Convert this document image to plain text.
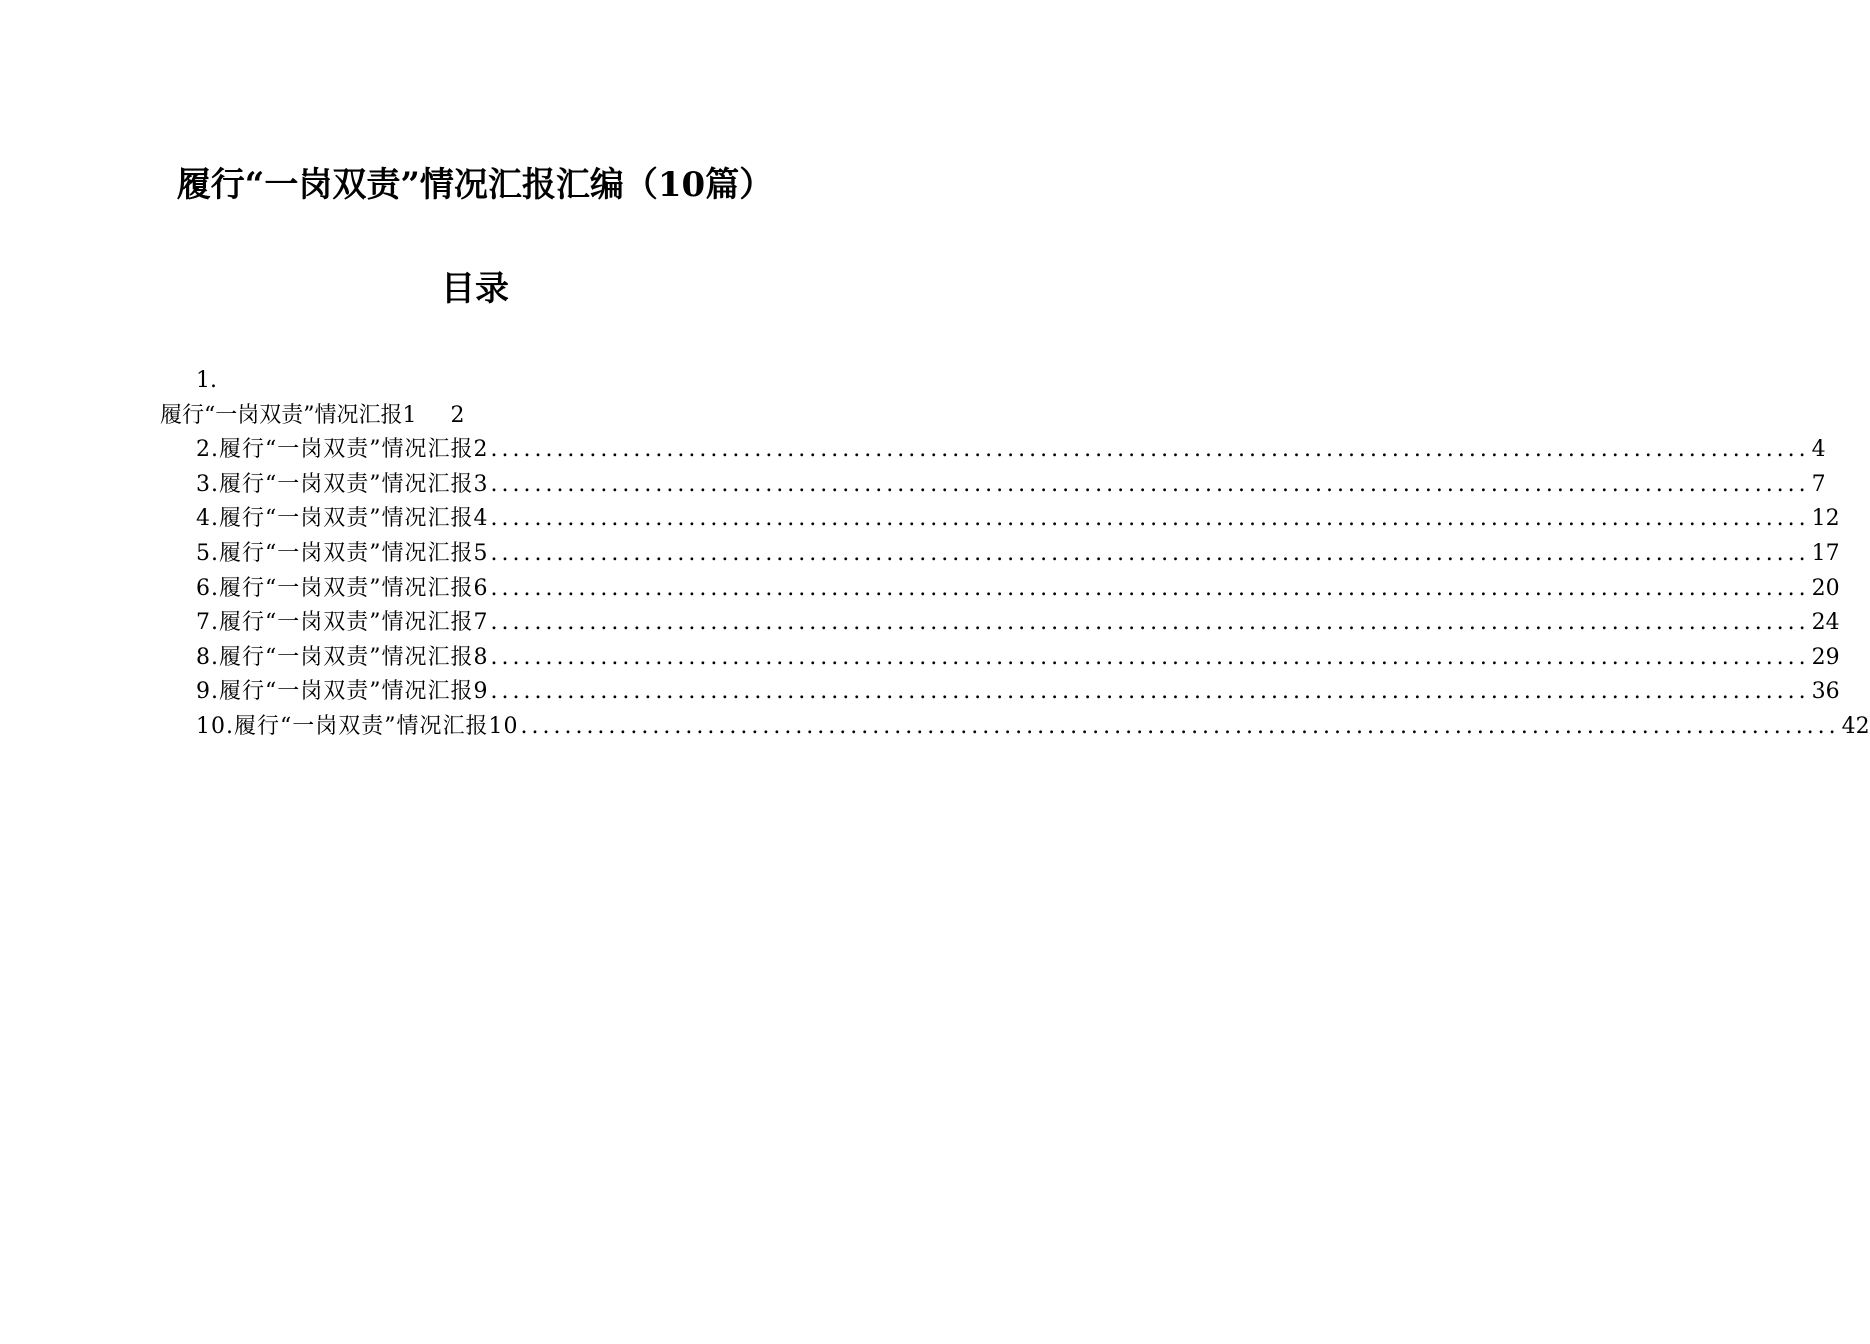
履行“一岗双责”情况汇报汇编（10篇）
目录
1.
履行“一岗双责”情况汇报1 2
2.履行“一岗双责”情况汇报2 ........................................................................................................................ 4
3.履行“一岗双责”情况汇报3 ........................................................................................................................ 7
4.履行“一岗双责”情况汇报4 ........................................................................................................................ 12
5.履行“一岗双责”情况汇报5 ........................................................................................................................ 17
6.履行“一岗双责”情况汇报6 ........................................................................................................................ 20
7.履行“一岗双责”情况汇报7 ........................................................................................................................ 24
8.履行“一岗双责”情况汇报8 ........................................................................................................................ 29
9.履行“一岗双责”情况汇报9 ........................................................................................................................ 36
10.履行“一岗双责”情况汇报10 ........................................................................................................................ 42
